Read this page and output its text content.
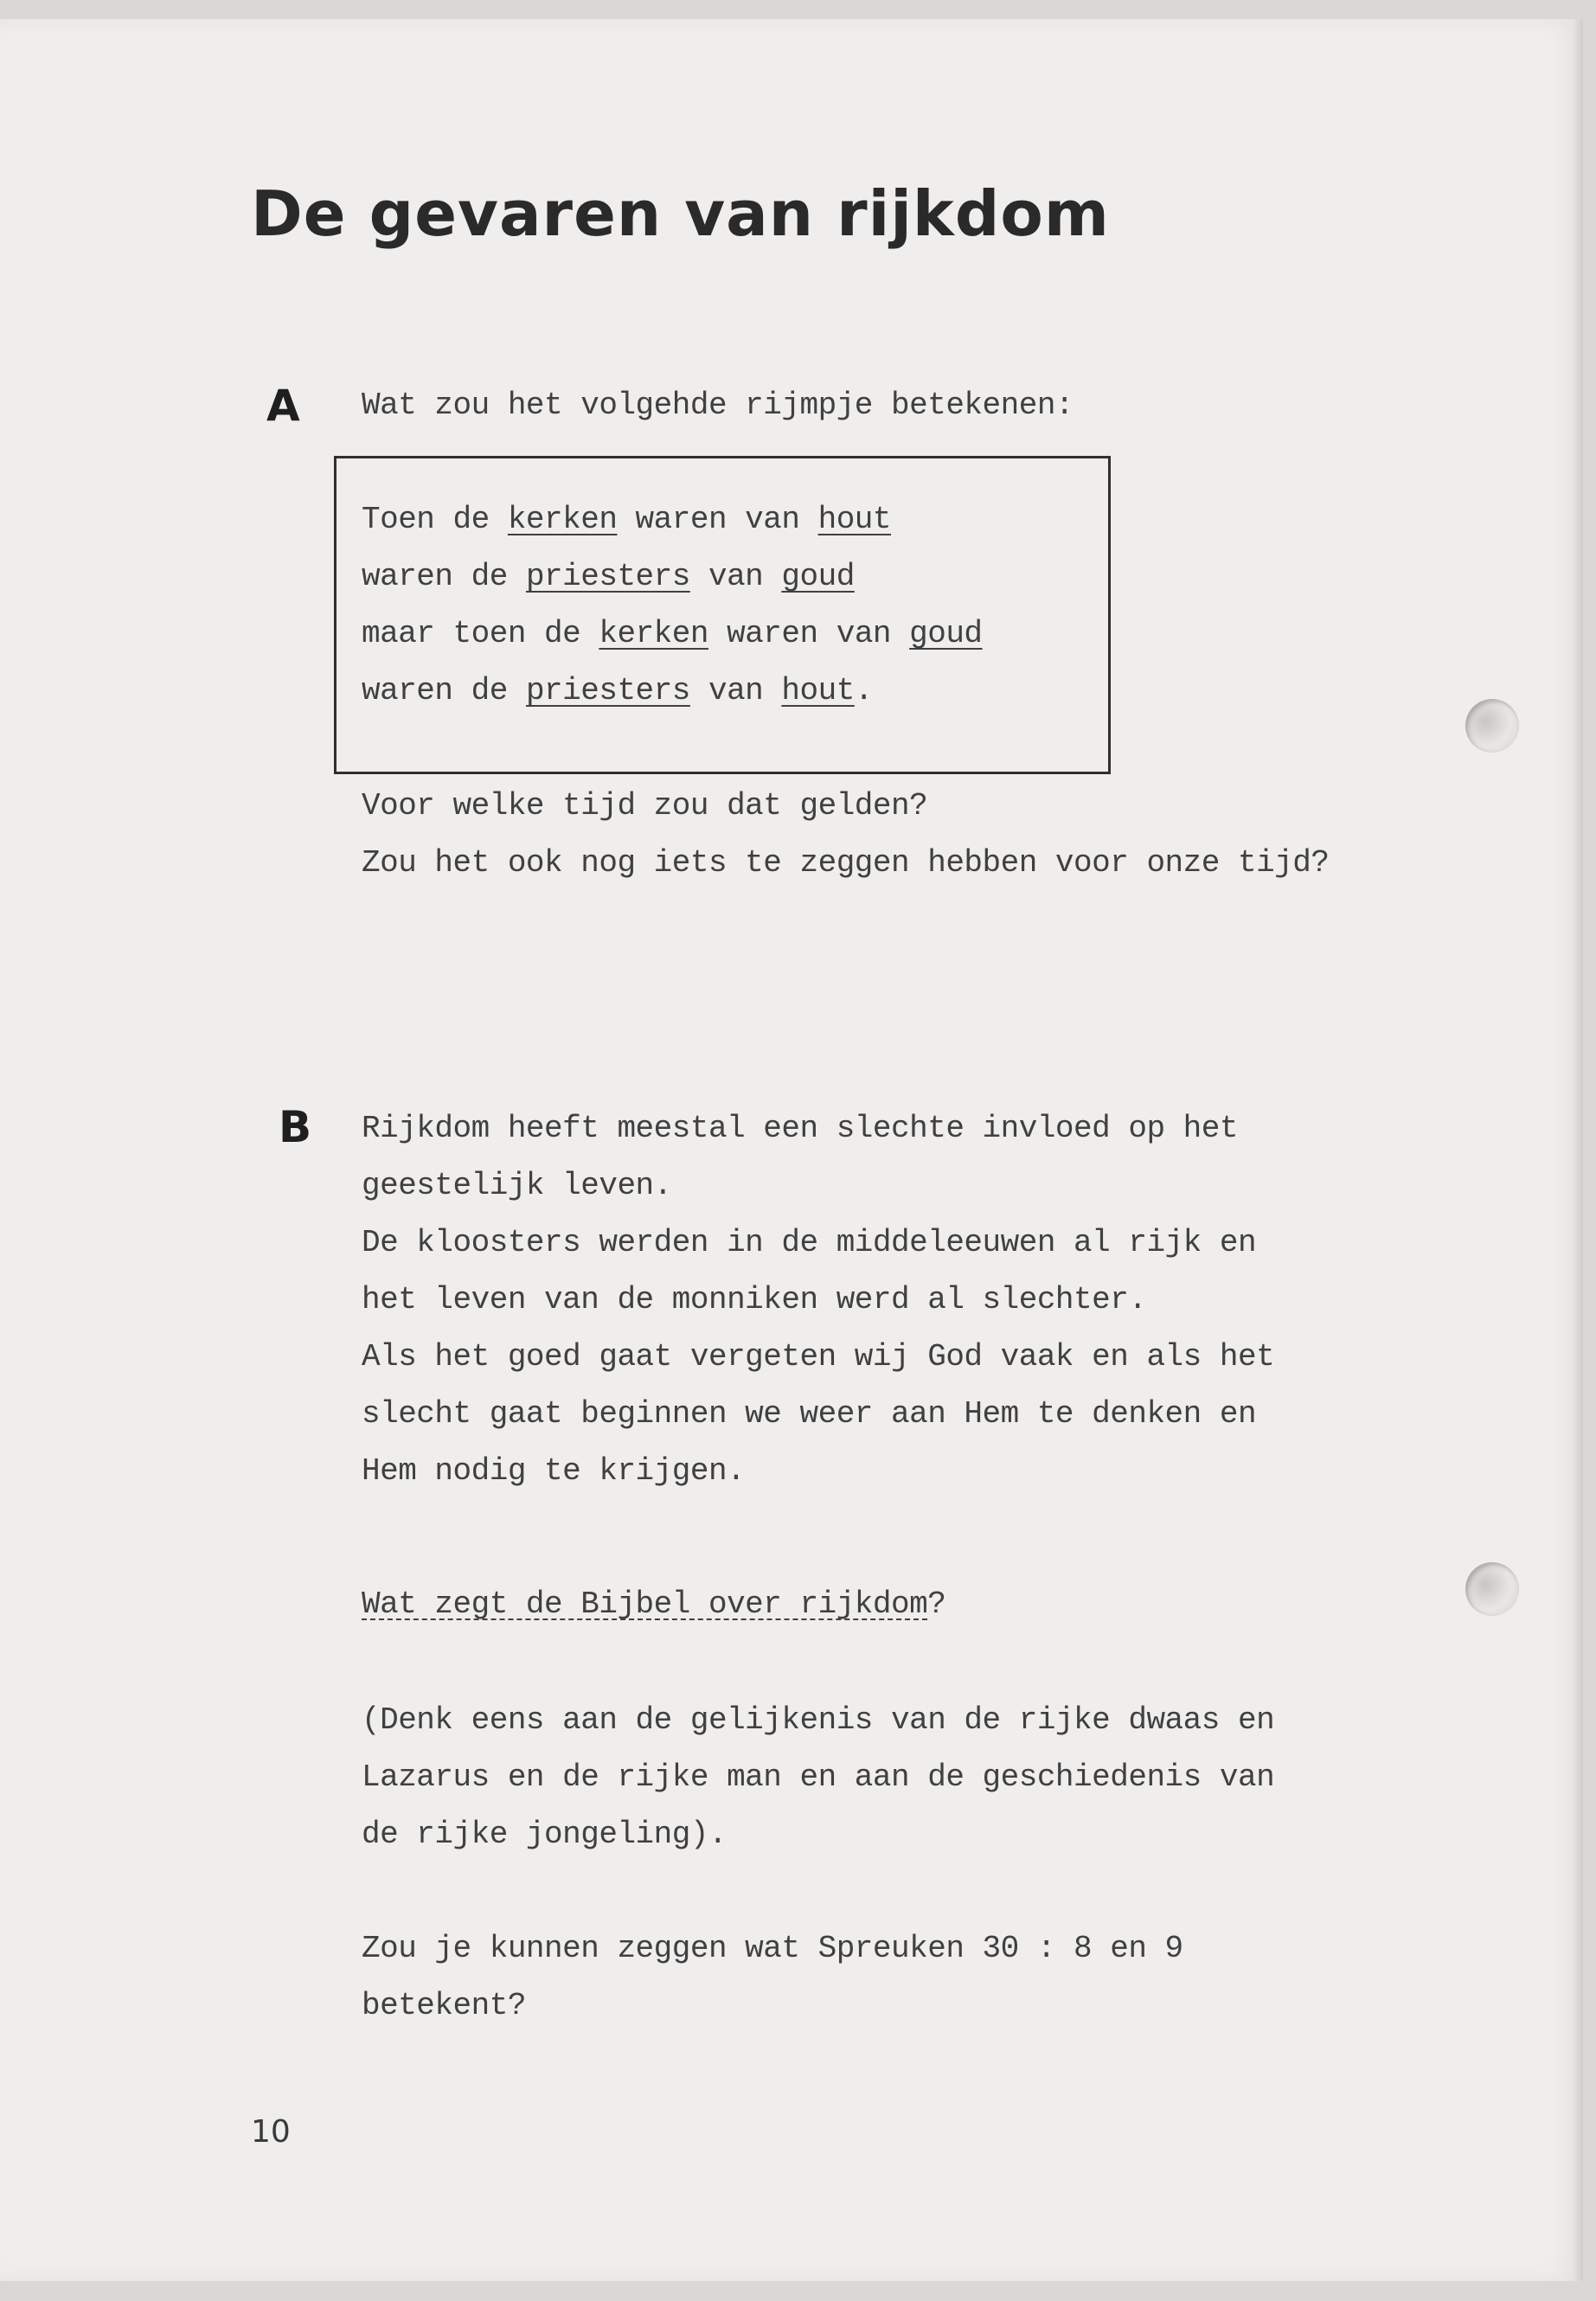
De gevaren van rijkdom
A Wat zou het volgehde rijmpje betekenen:
Toen de kerken waren van hout
waren de priesters van goud
maar toen de kerken waren van goud
waren de priesters van hout.
Voor welke tijd zou dat gelden?
Zou het ook nog iets te zeggen hebben voor onze tijd?
B Rijkdom heeft meestal een slechte invloed op het
geestelijk leven.
De kloosters werden in de middeleeuwen al rijk en
het leven van de monniken werd al slechter.
Als het goed gaat vergeten wij God vaak en als het
slecht gaat beginnen we weer aan Hem te denken en
Hem nodig te krijgen.
Wat zegt de Bijbel over rijkdom?
(Denk eens aan de gelijkenis van de rijke dwaas en
Lazarus en de rijke man en aan de geschiedenis van
de rijke jongeling).
Zou je kunnen zeggen wat Spreuken 30 : 8 en 9
betekent?
10
